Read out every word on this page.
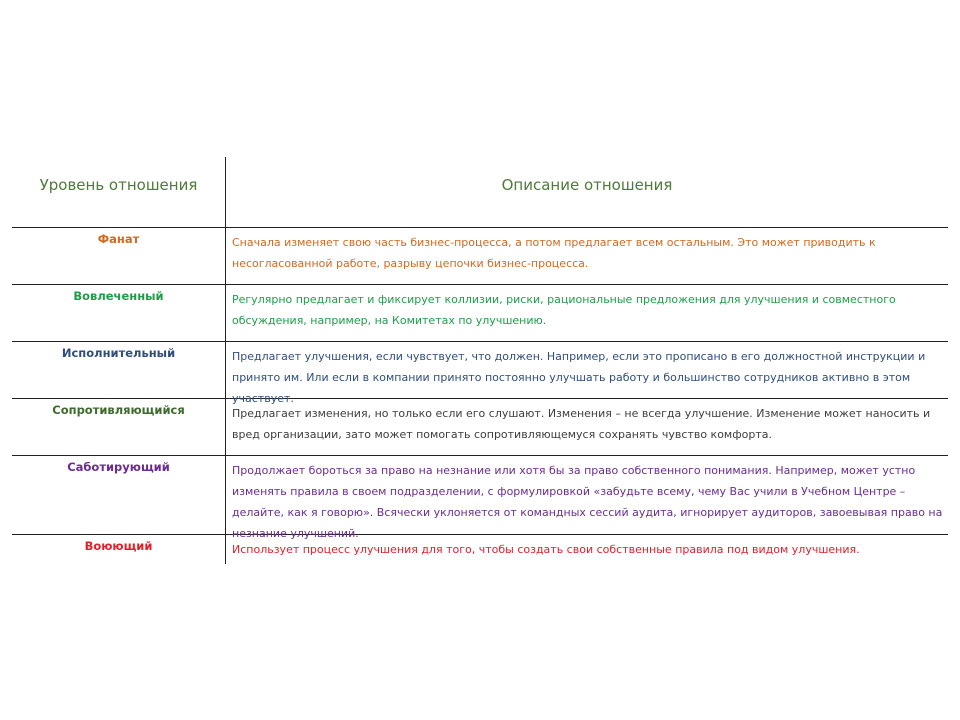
Уровень отношения	Описание отношения
Фанат	Сначала изменяет свою часть бизнес-процесса, а потом предлагает всем остальным. Это может приводить к несогласованной работе, разрыву цепочки бизнес-процесса.
Вовлеченный	Регулярно предлагает и фиксирует коллизии, риски, рациональные предложения для улучшения и совместного обсуждения, например, на Комитетах по улучшению.
Исполнительный	Предлагает улучшения, если чувствует, что должен. Например, если это прописано в его должностной инструкции и принято им. Или если в компании принято постоянно улучшать работу и большинство сотрудников активно в этом участвует.
Сопротивляющийся	Предлагает изменения, но только если его слушают. Изменения – не всегда улучшение. Изменение может наносить и вред организации, зато может помогать сопротивляющемуся сохранять чувство комфорта.
Саботирующий	Продолжает бороться за право на незнание или хотя бы за право собственного понимания. Например, может устно изменять правила в своем подразделении, с формулировкой «забудьте всему, чему Вас учили в Учебном Центре – делайте, как я говорю». Всячески уклоняется от командных сессий аудита, игнорирует аудиторов, завоевывая право на незнание улучшений.
Воюющий	Использует процесс улучшения для того, чтобы создать свои собственные правила под видом улучшения.
